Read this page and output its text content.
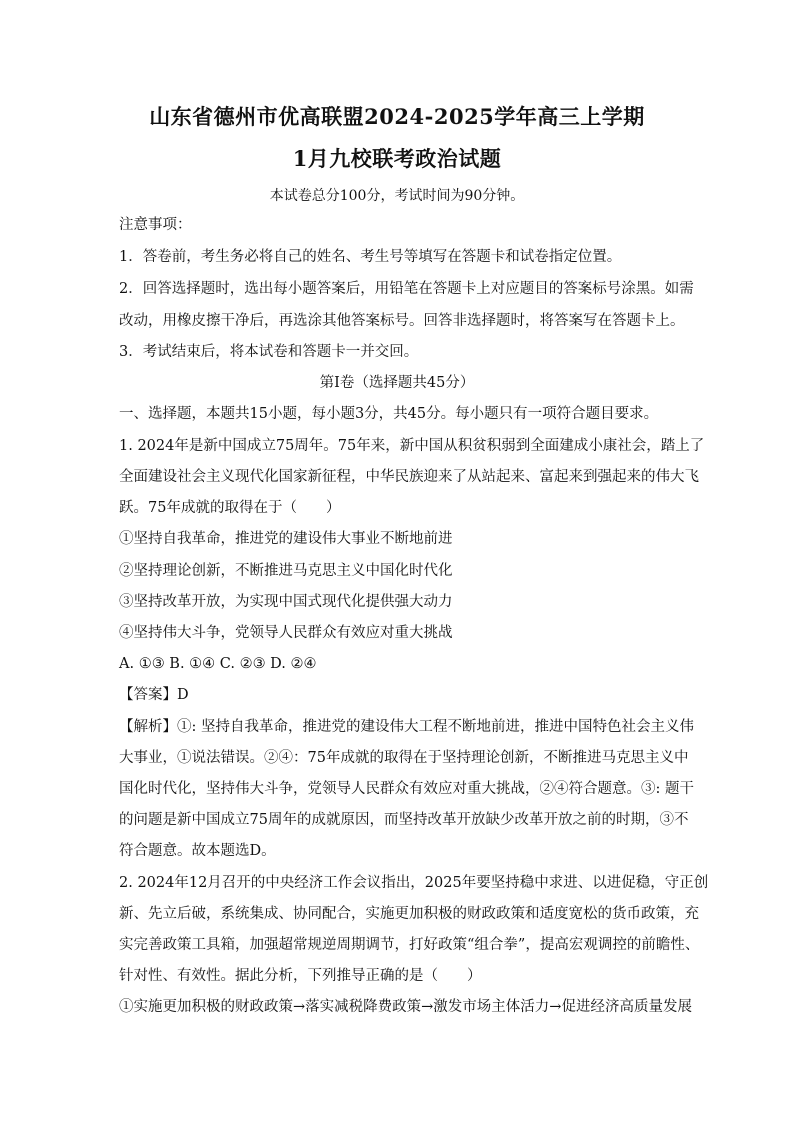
山东省德州市优高联盟2024-2025学年高三上学期
1月九校联考政治试题
本试卷总分100分，考试时间为90分钟。
注意事项：
1．答卷前，考生务必将自己的姓名、考生号等填写在答题卡和试卷指定位置。
2．回答选择题时，选出每小题答案后，用铅笔在答题卡上对应题目的答案标号涂黑。如需
改动，用橡皮擦干净后，再选涂其他答案标号。回答非选择题时，将答案写在答题卡上。
3．考试结束后，将本试卷和答题卡一并交回。
第Ⅰ卷（选择题共45分）
一、选择题，本题共15小题，每小题3分，共45分。每小题只有一项符合题目要求。
1. 2024年是新中国成立75周年。75年来，新中国从积贫积弱到全面建成小康社会，踏上了
全面建设社会主义现代化国家新征程，中华民族迎来了从站起来、富起来到强起来的伟大飞
跃。75年成就的取得在于（　　）
①坚持自我革命，推进党的建设伟大事业不断地前进
②坚持理论创新，不断推进马克思主义中国化时代化
③坚持改革开放，为实现中国式现代化提供强大动力
④坚持伟大斗争，党领导人民群众有效应对重大挑战
A. ①③ B. ①④ C. ②③ D. ②④
【答案】D
【解析】①: 坚持自我革命，推进党的建设伟大工程不断地前进，推进中国特色社会主义伟
大事业，①说法错误。②④：75年成就的取得在于坚持理论创新，不断推进马克思主义中
国化时代化，坚持伟大斗争，党领导人民群众有效应对重大挑战，②④符合题意。③: 题干
的问题是新中国成立75周年的成就原因，而坚持改革开放缺少改革开放之前的时期，③不
符合题意。故本题选D。
2. 2024年12月召开的中央经济工作会议指出，2025年要坚持稳中求进、以进促稳，守正创
新、先立后破，系统集成、协同配合，实施更加积极的财政政策和适度宽松的货币政策，充
实完善政策工具箱，加强超常规逆周期调节，打好政策“组合拳”，提高宏观调控的前瞻性、
针对性、有效性。据此分析，下列推导正确的是（　　）
①实施更加积极的财政政策→落实减税降费政策→激发市场主体活力→促进经济高质量发展
